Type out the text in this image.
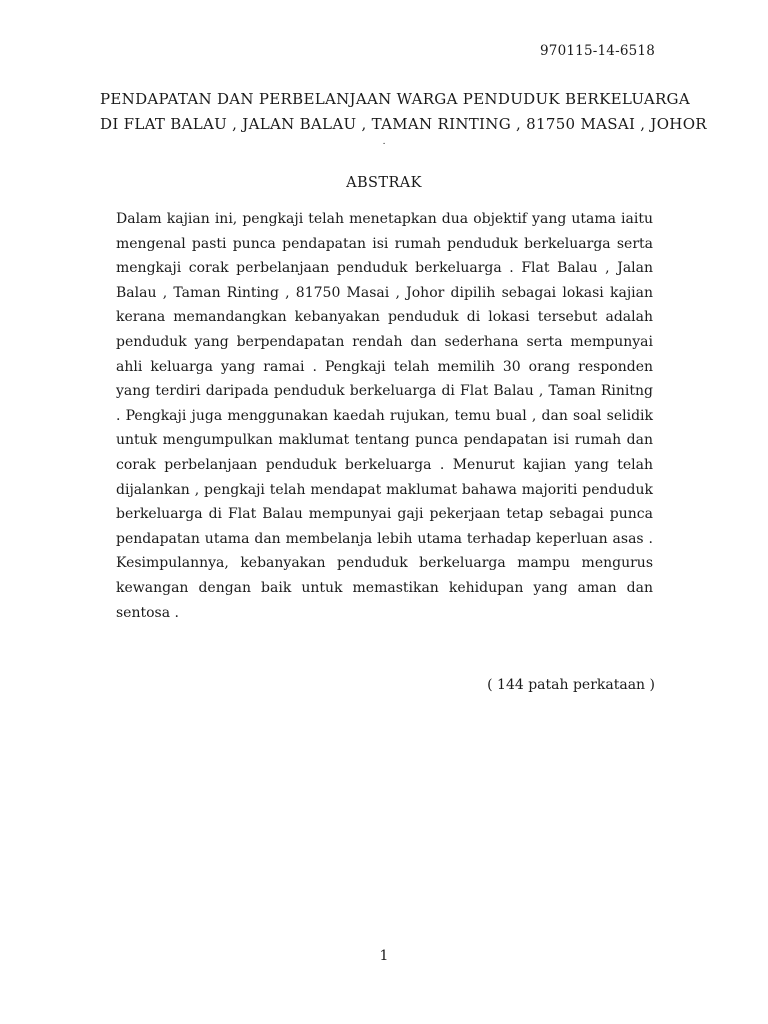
970115-14-6518
PENDAPATAN DAN PERBELANJAAN WARGA PENDUDUK BERKELUARGA
DI FLAT BALAU , JALAN BALAU , TAMAN RINTING , 81750 MASAI , JOHOR
.
ABSTRAK
Dalam kajian ini, pengkaji telah menetapkan dua objektif yang utama iaitu mengenal pasti punca pendapatan isi rumah penduduk berkeluarga serta mengkaji corak perbelanjaan penduduk berkeluarga . Flat Balau , Jalan Balau , Taman Rinting , 81750 Masai , Johor dipilih sebagai lokasi kajian kerana memandangkan kebanyakan penduduk di lokasi tersebut adalah penduduk yang berpendapatan rendah dan sederhana serta mempunyai ahli keluarga yang ramai . Pengkaji telah memilih 30 orang responden yang terdiri daripada penduduk berkeluarga di Flat Balau , Taman Rinitng . Pengkaji juga menggunakan kaedah rujukan, temu bual , dan soal selidik untuk mengumpulkan maklumat tentang punca pendapatan isi rumah dan corak perbelanjaan penduduk berkeluarga . Menurut kajian yang telah dijalankan , pengkaji telah mendapat maklumat bahawa majoriti penduduk berkeluarga di Flat Balau mempunyai gaji pekerjaan tetap sebagai punca pendapatan utama dan membelanja lebih utama terhadap keperluan asas . Kesimpulannya, kebanyakan penduduk berkeluarga mampu mengurus kewangan dengan baik untuk memastikan kehidupan yang aman dan sentosa .
( 144 patah perkataan )
1
